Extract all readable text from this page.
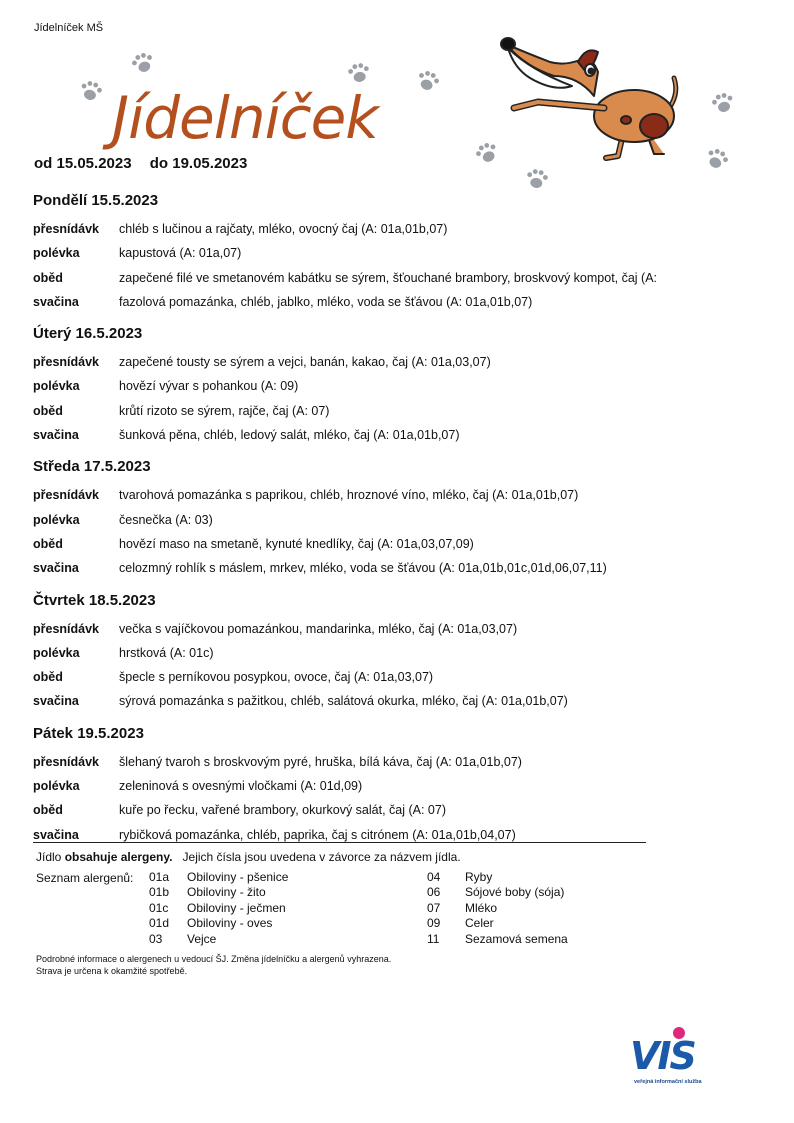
Jídelníček MŠ
Jídelníček
od 15.05.2023 do 19.05.2023
Pondělí 15.5.2023
přesnídávk	chléb s lučinou a rajčaty, mléko, ovocný čaj (A: 01a,01b,07)
polévka	kapustová (A: 01a,07)
oběd	zapečené filé ve smetanovém kabátku se sýrem, šťouchané brambory, broskvový kompot, čaj (A:
svačina	fazolová pomazánka, chléb, jablko, mléko, voda se šťávou (A: 01a,01b,07)
Úterý 16.5.2023
přesnídávk	zapečené tousty se sýrem a vejci, banán, kakao, čaj (A: 01a,03,07)
polévka	hovězí vývar s pohankou (A: 09)
oběd	krůtí rizoto se sýrem, rajče, čaj (A: 07)
svačina	šunková pěna, chléb, ledový salát, mléko, čaj (A: 01a,01b,07)
Středa 17.5.2023
přesnídávk	tvarohová pomazánka s paprikou, chléb, hroznové víno, mléko, čaj (A: 01a,01b,07)
polévka	česnečka (A: 03)
oběd	hovězí maso na smetaně, kynuté knedlíky, čaj (A: 01a,03,07,09)
svačina	celozmný rohlík s máslem, mrkev, mléko, voda se šťávou (A: 01a,01b,01c,01d,06,07,11)
Čtvrtek 18.5.2023
přesnídávk	večka s vajíčkovou pomazánkou, mandarinka, mléko, čaj (A: 01a,03,07)
polévka	hrstková (A: 01c)
oběd	špecle s perníkovou posypkou, ovoce, čaj (A: 01a,03,07)
svačina	sýrová pomazánka s pažitkou, chléb, salátová okurka, mléko, čaj (A: 01a,01b,07)
Pátek 19.5.2023
přesnídávk	šlehaný tvaroh s broskvovým pyré, hruška, bílá káva, čaj (A: 01a,01b,07)
polévka	zeleninová s ovesnými vločkami (A: 01d,09)
oběd	kuře po řecku, vařené brambory, okurkový salát, čaj (A: 07)
svačina	rybičková pomazánka, chléb, paprika, čaj s citrónem (A: 01a,01b,04,07)
Jídlo obsahuje alergeny. Jejich čísla jsou uvedena v závorce za názvem jídla.
Seznam alergenů: 01a	Obiloviny - pšenice
01b	Obiloviny - žito
01c	Obiloviny - ječmen
01d	Obiloviny - oves
03	Vejce
04	Ryby
06	Sójové boby (sója)
07	Mléko
09	Celer
11	Sezamová semena
Podrobné informace o alergenech u vedoucí ŠJ. Změna jídelníčku a alergenů vyhrazena.
Strava je určena k okamžité spotřebě.
VIS
veřejná informační služba
